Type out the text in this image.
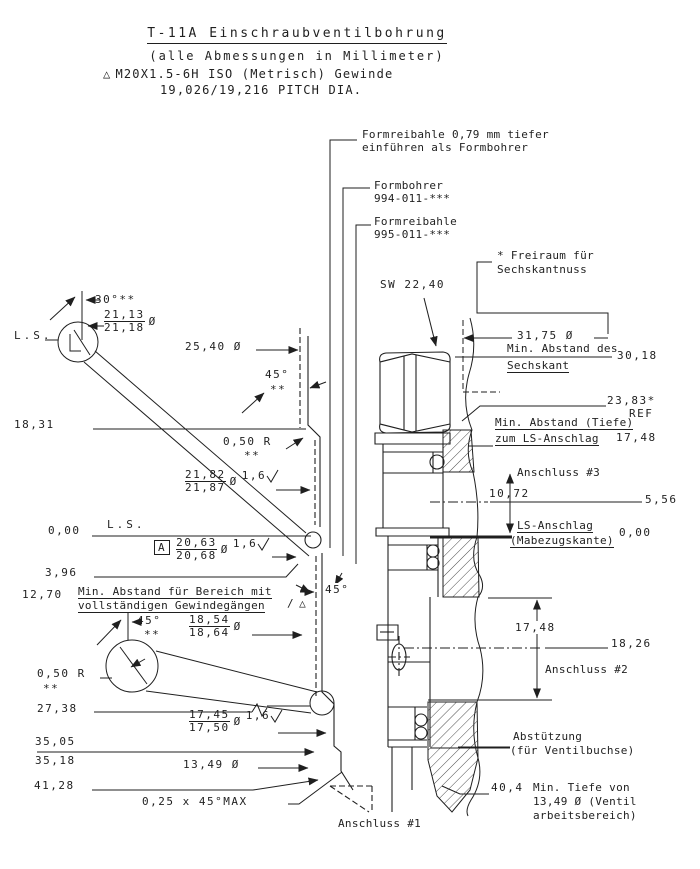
T-11A Einschraubventilbohrung
(alle Abmessungen in Millimeter)
△ M20X1.5-6H ISO (Metrisch) Gewinde
19,026/19,216 PITCH DIA.
Formreibahle 0,79 mm tiefer
einführen als Formbohrer
Formbohrer
994-011-***
Formreibahle
995-011-***
* Freiraum für
Sechskantnuss
SW 22,40
31,75 Ø
Min. Abstand des
Sechskant
30,18
23,83*
REF
Min. Abstand (Tiefe)
zum LS-Anschlag 17,48
Anschluss #3
10,72	5,56
LS-Anschlag
(Mabezugskante)
0,00
17,48
18,26
Anschluss #2
Abstützung
(für Ventilbuchse)
40,4 Min. Tiefe von
13,49 Ø (Ventil
arbeitsbereich)
30°**
$\frac{21,13}{21,18}$ Ø
L.S.
25,40 Ø
45°
**
18,31
0,50 R
**
$\frac{21,82}{21,87}$ Ø 1,6
0,00 L.S.
A $\frac{20,63}{20,68}$ Ø 1,6
3,96
12,70 Min. Abstand für Bereich mit
vollständigen Gewindegängen / △
45°
45°
**	$\frac{18,54}{18,64}$ Ø
0,50 R
**
27,38
$\frac{17,45}{17,50}$ Ø 1,6
35,05
35,18	13,49 Ø
41,28
0,25 x 45°MAX
Anschluss #1
